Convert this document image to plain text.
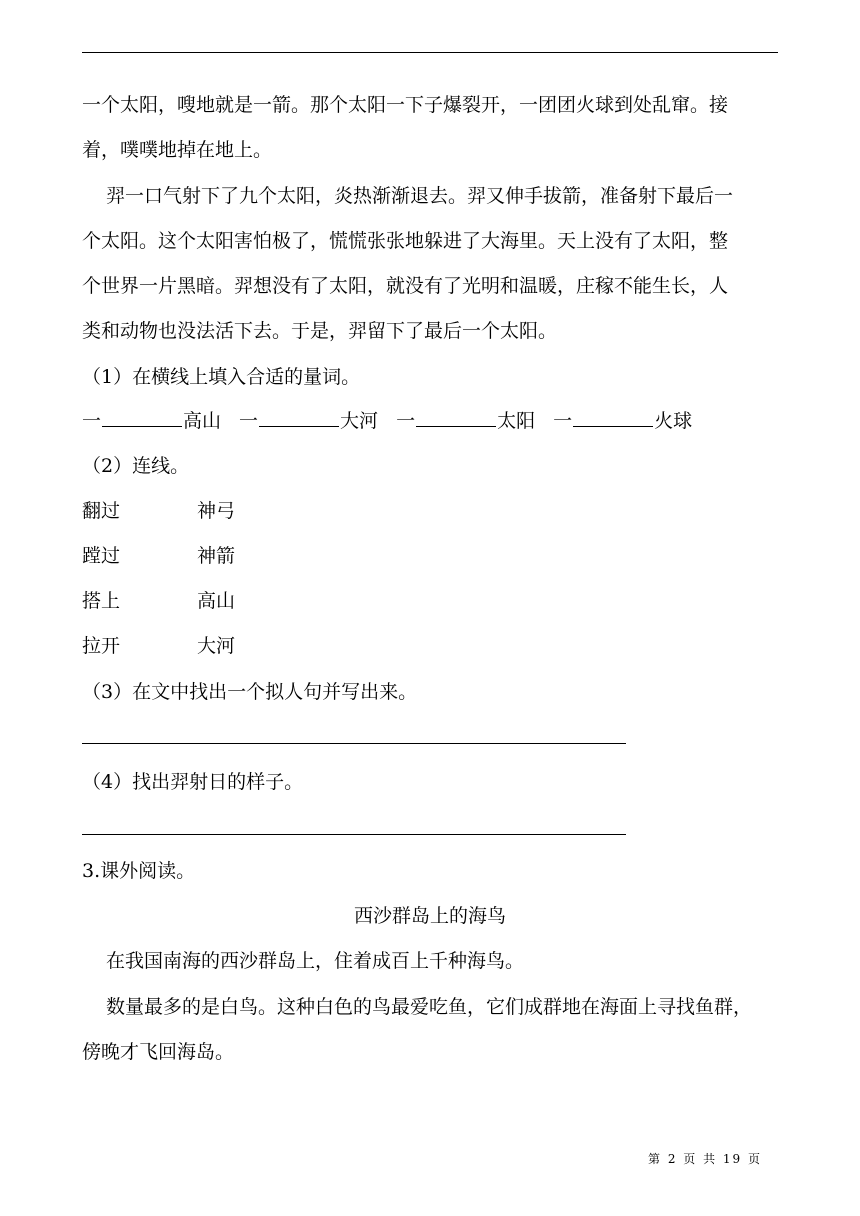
一个太阳，嗖地就是一箭。那个太阳一下子爆裂开，一团团火球到处乱窜。接
着，噗噗地掉在地上。
羿一口气射下了九个太阳，炎热渐渐退去。羿又伸手拔箭，准备射下最后一
个太阳。这个太阳害怕极了，慌慌张张地躲进了大海里。天上没有了太阳，整
个世界一片黑暗。羿想没有了太阳，就没有了光明和温暖，庄稼不能生长，人
类和动物也没法活下去。于是，羿留下了最后一个太阳。
（1）在横线上填入合适的量词。
一	高山 一	大河 一	太阳 一	火球
（2）连线。
翻过	神弓
蹚过	神箭
搭上	高山
拉开	大河
（3）在文中找出一个拟人句并写出来。
（4）找出羿射日的样子。
3.课外阅读。
西沙群岛上的海鸟
在我国南海的西沙群岛上，住着成百上千种海鸟。
数量最多的是白鸟。这种白色的鸟最爱吃鱼，它们成群地在海面上寻找鱼群，
傍晚才飞回海岛。
第 2 页 共 19 页
